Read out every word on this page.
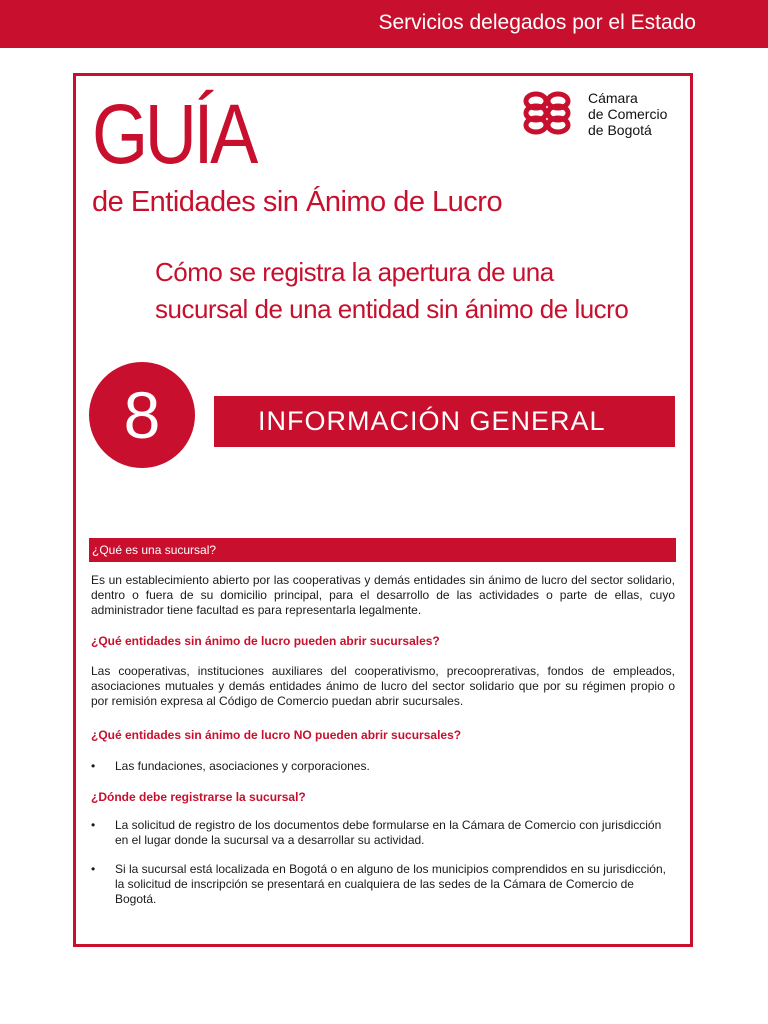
Servicios delegados por el Estado
GUÍA
de Entidades sin Ánimo de Lucro
Cómo se registra la apertura de una
sucursal de una entidad sin ánimo de lucro
Cámara
de Comercio
de Bogotá
8	INFORMACIÓN GENERAL
¿Qué es una sucursal?
Es un establecimiento abierto por las cooperativas y demás entidades sin ánimo de lucro del sector solidario, dentro o fuera de su domicilio principal, para el desarrollo de las actividades o parte de ellas, cuyo administrador tiene facultad es para representarla legalmente.
¿Qué entidades sin ánimo de lucro pueden abrir sucursales?
Las cooperativas, instituciones auxiliares del cooperativismo, precooprerativas, fondos de empleados, asociaciones mutuales y demás entidades ánimo de lucro del sector solidario que por su régimen propio o por remisión expresa al Código de Comercio puedan abrir sucursales.
¿Qué entidades sin ánimo de lucro NO pueden abrir sucursales?
• Las fundaciones, asociaciones y corporaciones.
¿Dónde debe registrarse la sucursal?
• La solicitud de registro de los documentos debe formularse en la Cámara de Comercio con jurisdicción en el lugar donde la sucursal va a desarrollar su actividad.
• Si la sucursal está localizada en Bogotá o en alguno de los municipios comprendidos en su jurisdicción, la solicitud de inscripción se presentará en cualquiera de las sedes de la Cámara de Comercio de Bogotá.
